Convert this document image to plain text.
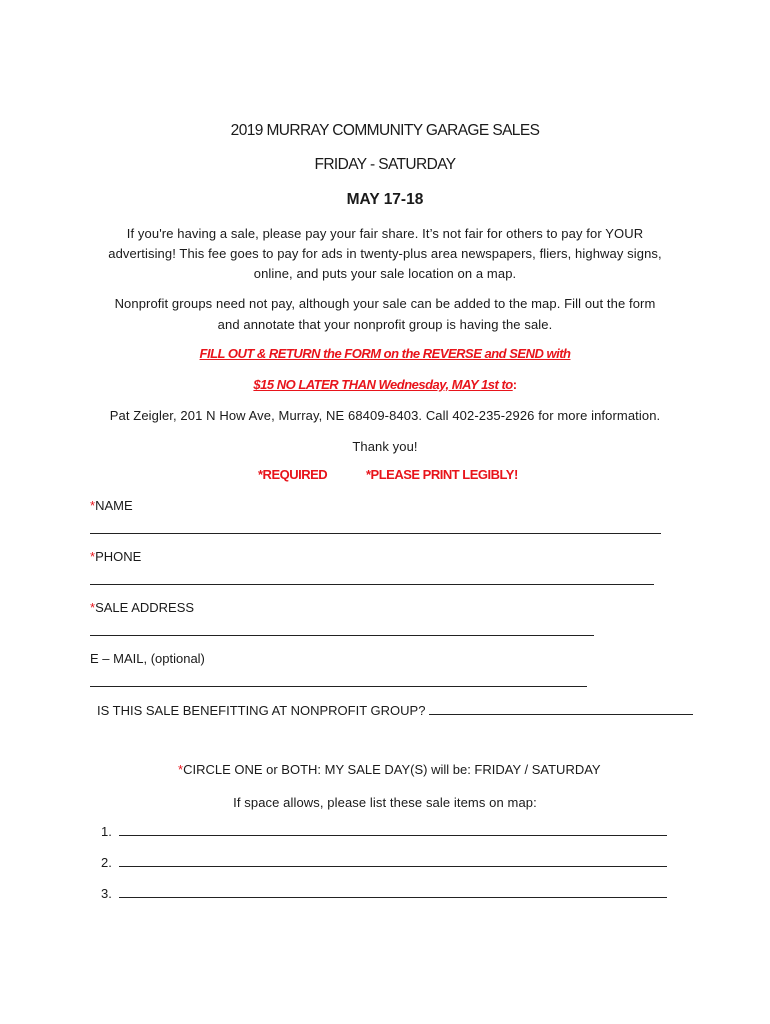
2019 MURRAY COMMUNITY GARAGE SALES
FRIDAY - SATURDAY
MAY 17-18
If you're having a sale, please pay your fair share. It’s not fair for others to pay for YOUR
advertising! This fee goes to pay for ads in twenty-plus area newspapers, fliers, highway signs,
online, and puts your sale location on a map.
Nonprofit groups need not pay, although your sale can be added to the map. Fill out the form
and annotate that your nonprofit group is having the sale.
FILL OUT & RETURN the FORM on the REVERSE and SEND with
$15 NO LATER THAN Wednesday, MAY 1st to:
Pat Zeigler, 201 N How Ave, Murray, NE 68409-8403. Call 402-235-2926 for more information.
Thank you!
*REQUIRED	*PLEASE PRINT LEGIBLY!
*NAME
*PHONE
*SALE ADDRESS
E – MAIL, (optional)
IS THIS SALE BENEFITTING AT NONPROFIT GROUP?
*CIRCLE ONE or BOTH: MY SALE DAY(S) will be: FRIDAY / SATURDAY
If space allows, please list these sale items on map:
1.
2.
3.
